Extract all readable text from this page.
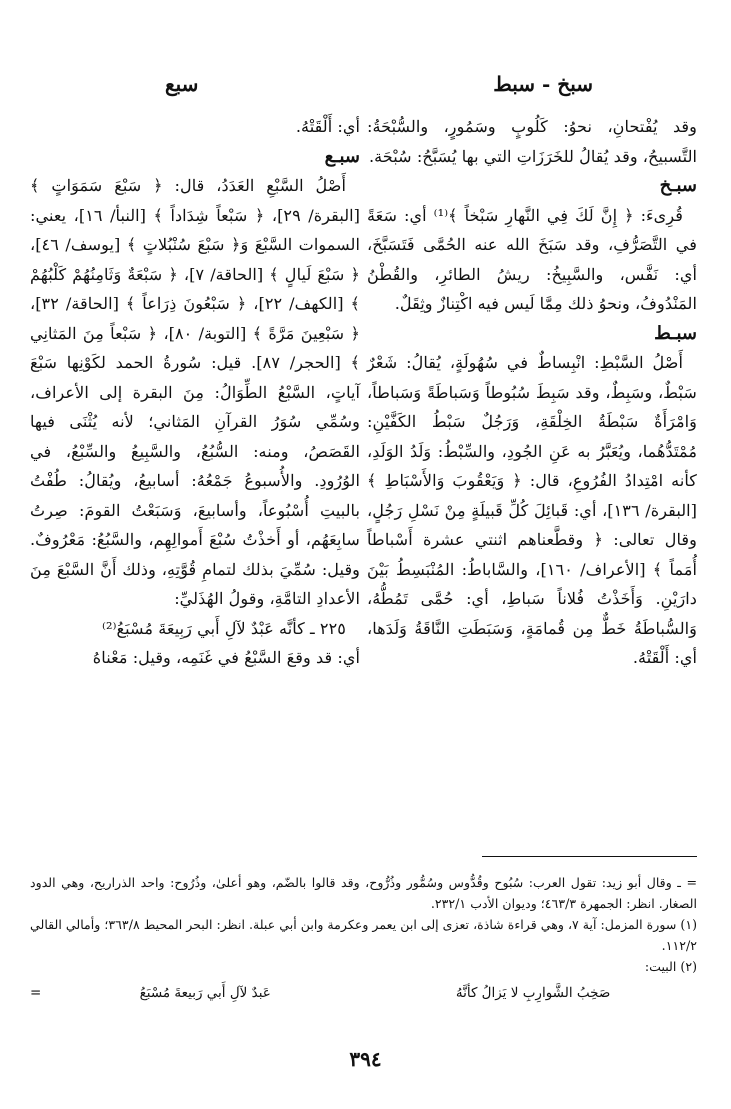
سبخ - سبط
سبع

وقد يُفْتحانِ، نحوُ: كَلُوبٍ وسَمُورٍ، والسُّبْحَةُ: التَّسبيحُ، وقد يُقالُ للخَرَزَاتِ التي بها يُسَبَّحُ: سُبْحَة.

سبـخ

قُرِىءَ: ﴿ إِنَّ لَكَ فِي النَّهارِ سَبْخاً ﴾⁽¹⁾ أي: سَعَةً في التَّصَرُّفِ، وقد سَبَخَ الله عنه الحُمَّى فَتَسَبَّخَ، أي: نَفَّس، والسَّبِيخُ: ريشُ الطائرِ، والقُطْنُ المَنْدُوفُ، ونحوُ ذلك مِمَّا لَيس فيه اكْتِنازٌ وثِقَلٌ.

سبـط

أَصْلُ السَّبْطِ: انْبِساطٌ في سُهُولَةٍ، يُقالُ: شَعْرٌ سَبْطٌ، وسَبِطٌ، وقد سَبِطَ سُبُوطاً وَسَباطَةً وَسَباطاً، وَامْرَأَةٌ سَبْطَةُ الخِلْقَةِ، وَرَجُلٌ سَبْطُ الكَفَّيْنِ: مُمْتَدُّهُما، ويُعَبَّرُ به عَنِ الجُودِ، والسِّبْطُ: وَلَدُ الوَلَدِ، كأنه امْتِدادُ الفُرُوعِ، قال: ﴿ وَيَعْقُوبَ وَالأَسْبَاطِ ﴾ [البقرة/ ١٣٦]، أي: قَبائِلَ كُلِّ قَبيلَةٍ مِنْ نَسْلِ رَجُلٍ، وقال تعالى: ﴿ وقطَّعناهم اثنتي عشرة أَسْباطاً أُمَماً ﴾ [الأعراف/ ١٦٠]، والسَّاباطُ: المُنْبَسِطُ بَيْنَ دارَيْنِ. وَأَخَذْتُ فُلاناً سَباطِ، أي: حُمَّى تَمُطُّهُ، وَالسُّباطَةُ خَطٌّ مِن قُمامَةٍ، وَسَبَطَتِ النَّاقَةُ وَلَدَها، أي: أَلْقَتْهُ.

أي: أَلْقَتْهُ.

سبـع

أَصْلُ السَّبْعِ العَدَدُ، قال: ﴿ سَبْعَ سَمَوَاتٍ ﴾ [البقرة/ ٢٩]، ﴿ سَبْعاً شِدَاداً ﴾ [النبأ/ ١٦]، يعني: السموات السَّبْعَ وَ﴿ سَبْعَ سُنْبُلاتٍ ﴾ [يوسف/ ٤٦]، ﴿ سَبْعَ لَيالٍ ﴾ [الحاقة/ ٧]، ﴿ سَبْعَةٌ وَثَامِنُهُمْ كَلْبُهُمْ ﴾ [الكهف/ ٢٢]، ﴿ سَبْعُونَ ذِرَاعاً ﴾ [الحاقة/ ٣٢]، ﴿ سَبْعِينَ مَرَّةً ﴾ [التوبة/ ٨٠]، ﴿ سَبْعاً مِنَ المَثانِي ﴾ [الحجر/ ٨٧]. قيل: سُورةُ الحمد لكَوْنِها سَبْعَ آياتٍ، السَّبْعُ الطِّوَالُ: مِنَ البقرة إلى الأعراف، وسُمِّي سُوَرُ القرآنِ المَثاني؛ لأنه يُثْنَى فيها القَصَصُ، ومنه: السُّبُعُ، والسَّبِيعُ والسِّبْعُ، في الوُرُودِ. والأُسبوعُ جَمْعُهُ: أسابيعُ، ويُقالُ: طُفْتُ بالبيتِ أُسْبُوعاً، وأسابيعَ، وَسَبَعْتُ القومَ: صِرتُ سابِعَهُم، أو أَخذْتُ سُبْعَ أَموالِهِم، والسَّبُعُ: مَعْرُوفٌ. وقيل: سُمِّيَ بذلك لتمامِ قُوَّتِهِ، وذلك أَنَّ السَّبْعَ مِنَ الأعدادِ التامَّةِ، وقولُ الهُذَليِّ:

٢٢٥ ـ كأنَّه عَبْدٌ لآلِ أَبي رَبِيعَةَ مُسْبَعُ⁽²⁾

أي: قد وقعَ السَّبْعُ في غَنَمِه، وقيل: مَعْناهُ

= ـ وقال أبو زيد: تقول العرب: سُبُوح وقُدُّوس وسُمُّور وذُرُّوح، وقد قالوا بالضّم، وهو أعلىٰ، وذُرُوح: واحد الذراريح، وهي الدود الصغار. انظر: الجمهرة ٤٦٣/٣؛ وديوان الأدب ٢٣٢/١.

(١) سورة المزمل: آية ٧، وهي قراءة شاذة، تعزى إلى ابن يعمر وعكرمة وابن أبي عبلة. انظر: البحر المحيط ٣٦٣/٨؛ وأمالي القالي ١١٢/٢.

(٢) البيت:

صَخِبُ الشَّوارِبِ لا يَزالُ كأنَّهُ
عَبدٌ لآلِ أَبي رَبيعةَ مُسْبَعُ
=
٣٩٤
